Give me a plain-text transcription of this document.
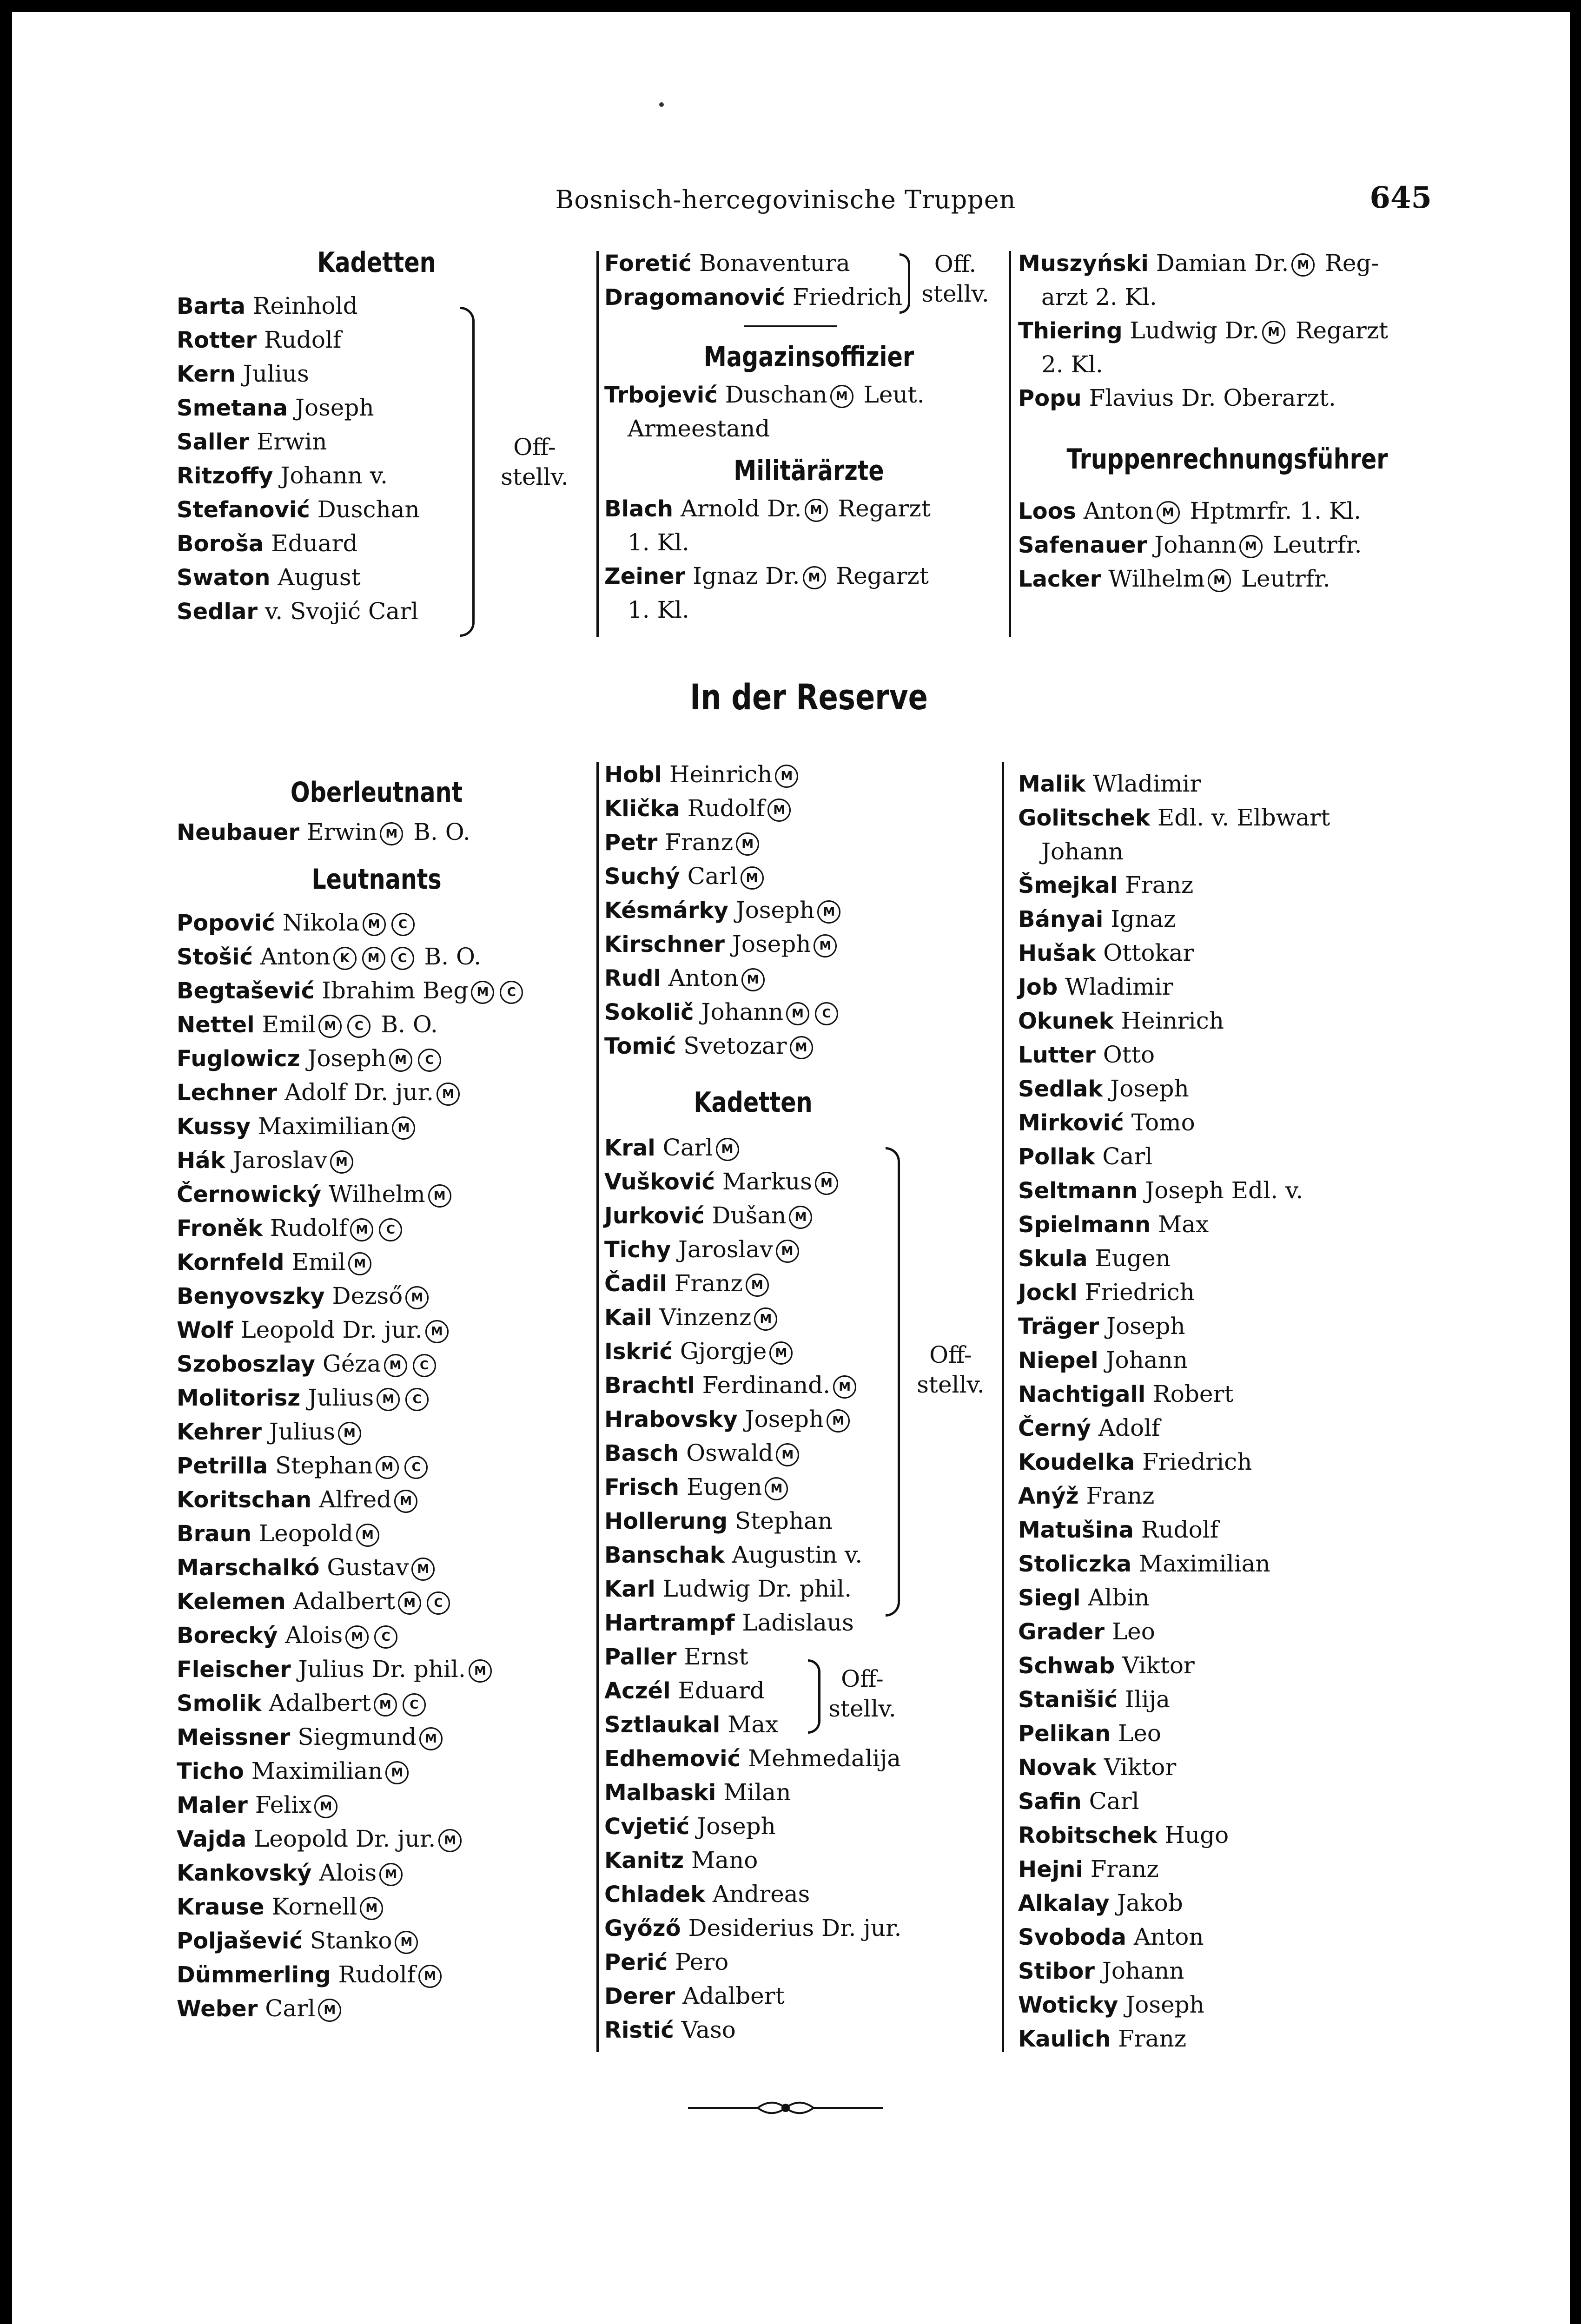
Bosnisch-hercegovinische Truppen	645
Kadetten
Barta Reinhold
Rotter Rudolf
Kern Julius
Smetana Joseph
Saller Erwin
Ritzoffy Johann v.
Stefanović Duschan
Boroša Eduard
Swaton August
Sedlar v. Svojić Carl
Off-
stellv.
Foretić Bonaventura
Dragomanović Friedrich
Magazinsoffizier
Trbojević Duschan M Leut.
Armeestand
Militärärzte
Blach Arnold Dr. M Regarzt
1. Kl.
Zeiner Ignaz Dr. M Regarzt
1. Kl.
Off.
stellv.
Muszyński Damian Dr. M Reg-
arzt 2. Kl.
Thiering Ludwig Dr. M Regarzt
2. Kl.
Popu Flavius Dr. Oberarzt.
Truppenrechnungsführer
Loos Anton M Hptmrfr. 1. Kl.
Safenauer Johann M Leutrfr.
Lacker Wilhelm M Leutrfr.
In der Reserve
Oberleutnant
Neubauer Erwin M B. O.
Leutnants
Popović Nikola M C
Stošić Anton K M C B. O.
Begtašević Ibrahim Beg M C
Nettel Emil M C B. O.
Fuglowicz Joseph M C
Lechner Adolf Dr. jur. M
Kussy Maximilian M
Hák Jaroslav M
Černowický Wilhelm M
Froněk Rudolf M C
Kornfeld Emil M
Benyovszky Dezső M
Wolf Leopold Dr. jur. M
Szoboszlay Géza M C
Molitorisz Julius M C
Kehrer Julius M
Petrilla Stephan M C
Koritschan Alfred M
Braun Leopold M
Marschalkó Gustav M
Kelemen Adalbert M C
Borecký Alois M C
Fleischer Julius Dr. phil. M
Smolik Adalbert M C
Meissner Siegmund M
Ticho Maximilian M
Maler Felix M
Vajda Leopold Dr. jur. M
Kankovský Alois M
Krause Kornell M
Poljašević Stanko M
Dümmerling Rudolf M
Weber Carl M
Hobl Heinrich M
Klička Rudolf M
Petr Franz M
Suchý Carl M
Késmárky Joseph M
Kirschner Joseph M
Rudl Anton M
Sokolič Johann M C
Tomić Svetozar M
Kadetten
Kral Carl M
Vušković Markus M
Jurković Dušan M
Tichy Jaroslav M
Čadil Franz M
Kail Vinzenz M
Iskrić Gjorgje M
Brachtl Ferdinand. M
Hrabovsky Joseph M
Basch Oswald M
Frisch Eugen M
Hollerung Stephan
Banschak Augustin v.
Karl Ludwig Dr. phil.
Hartrampf Ladislaus
Paller Ernst
Aczél Eduard
Sztlaukal Max
Edhemović Mehmedalija
Malbaski Milan
Cvjetić Joseph
Kanitz Mano
Chladek Andreas
Győző Desiderius Dr. jur.
Perić Pero
Derer Adalbert
Ristić Vaso
Off-
stellv.
Off-
stellv.
Malik Wladimir
Golitschek Edl. v. Elbwart
Johann
Šmejkal Franz
Bányai Ignaz
Hušak Ottokar
Job Wladimir
Okunek Heinrich
Lutter Otto
Sedlak Joseph
Mirković Tomo
Pollak Carl
Seltmann Joseph Edl. v.
Spielmann Max
Skula Eugen
Jockl Friedrich
Träger Joseph
Niepel Johann
Nachtigall Robert
Černý Adolf
Koudelka Friedrich
Anýž Franz
Matušina Rudolf
Stoliczka Maximilian
Siegl Albin
Grader Leo
Schwab Viktor
Stanišić Ilija
Pelikan Leo
Novak Viktor
Safin Carl
Robitschek Hugo
Hejni Franz
Alkalay Jakob
Svoboda Anton
Stibor Johann
Woticky Joseph
Kaulich Franz
